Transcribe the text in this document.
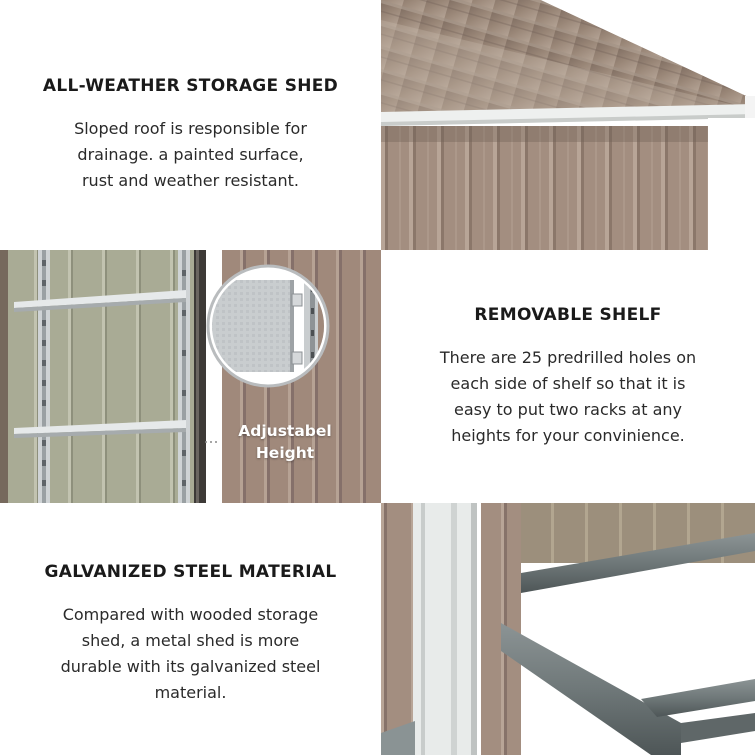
ALL-WEATHER STORAGE SHED

Sloped roof is responsible for
drainage. a painted surface,
rust and weather resistant.

Adjustabel
Height
REMOVABLE SHELF

There are 25 predrilled holes on
each side of shelf so that it is
easy to put two racks at any
heights for your convinience.

GALVANIZED STEEL MATERIAL

Compared with wooded storage
shed, a metal shed is more
durable with its galvanized steel
material.
